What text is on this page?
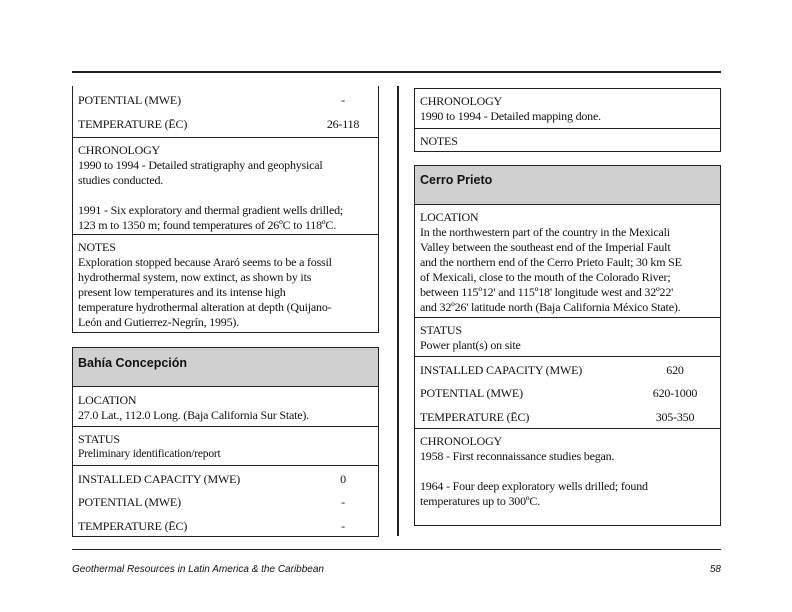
POTENTIAL (MWE)	-
TEMPERATURE (ĒC)	26-118
CHRONOLOGY
1990 to 1994 - Detailed stratigraphy and geophysical
studies conducted.
1991 - Six exploratory and thermal gradient wells drilled;
123 m to 1350 m; found temperatures of 26ºC to 118ºC.
NOTES
Exploration stopped because Araró seems to be a fossil
hydrothermal system, now extinct, as shown by its
present low temperatures and its intense high
temperature hydrothermal alteration at depth (Quijano-
León and Gutierrez-Negrín, 1995).
Bahía Concepción
LOCATION
27.0 Lat., 112.0 Long. (Baja California Sur State).
STATUS
Preliminary identification/report
INSTALLED CAPACITY (MWE)	0
POTENTIAL (MWE)	-
TEMPERATURE (ĒC)	-
CHRONOLOGY
1990 to 1994 - Detailed mapping done.
NOTES
Cerro Prieto
LOCATION
In the northwestern part of the country in the Mexicali
Valley between the southeast end of the Imperial Fault
and the northern end of the Cerro Prieto Fault; 30 km SE
of Mexicali, close to the mouth of the Colorado River;
between 115º12' and 115º18' longitude west and 32º22'
and 32º26' latitude north (Baja California México State).
STATUS
Power plant(s) on site
INSTALLED CAPACITY (MWE)	620
POTENTIAL (MWE)	620-1000
TEMPERATURE (ĒC)	305-350
CHRONOLOGY
1958 - First reconnaissance studies began.
1964 - Four deep exploratory wells drilled; found
temperatures up to 300ºC.
Geothermal Resources in Latin America & the Caribbean	58
